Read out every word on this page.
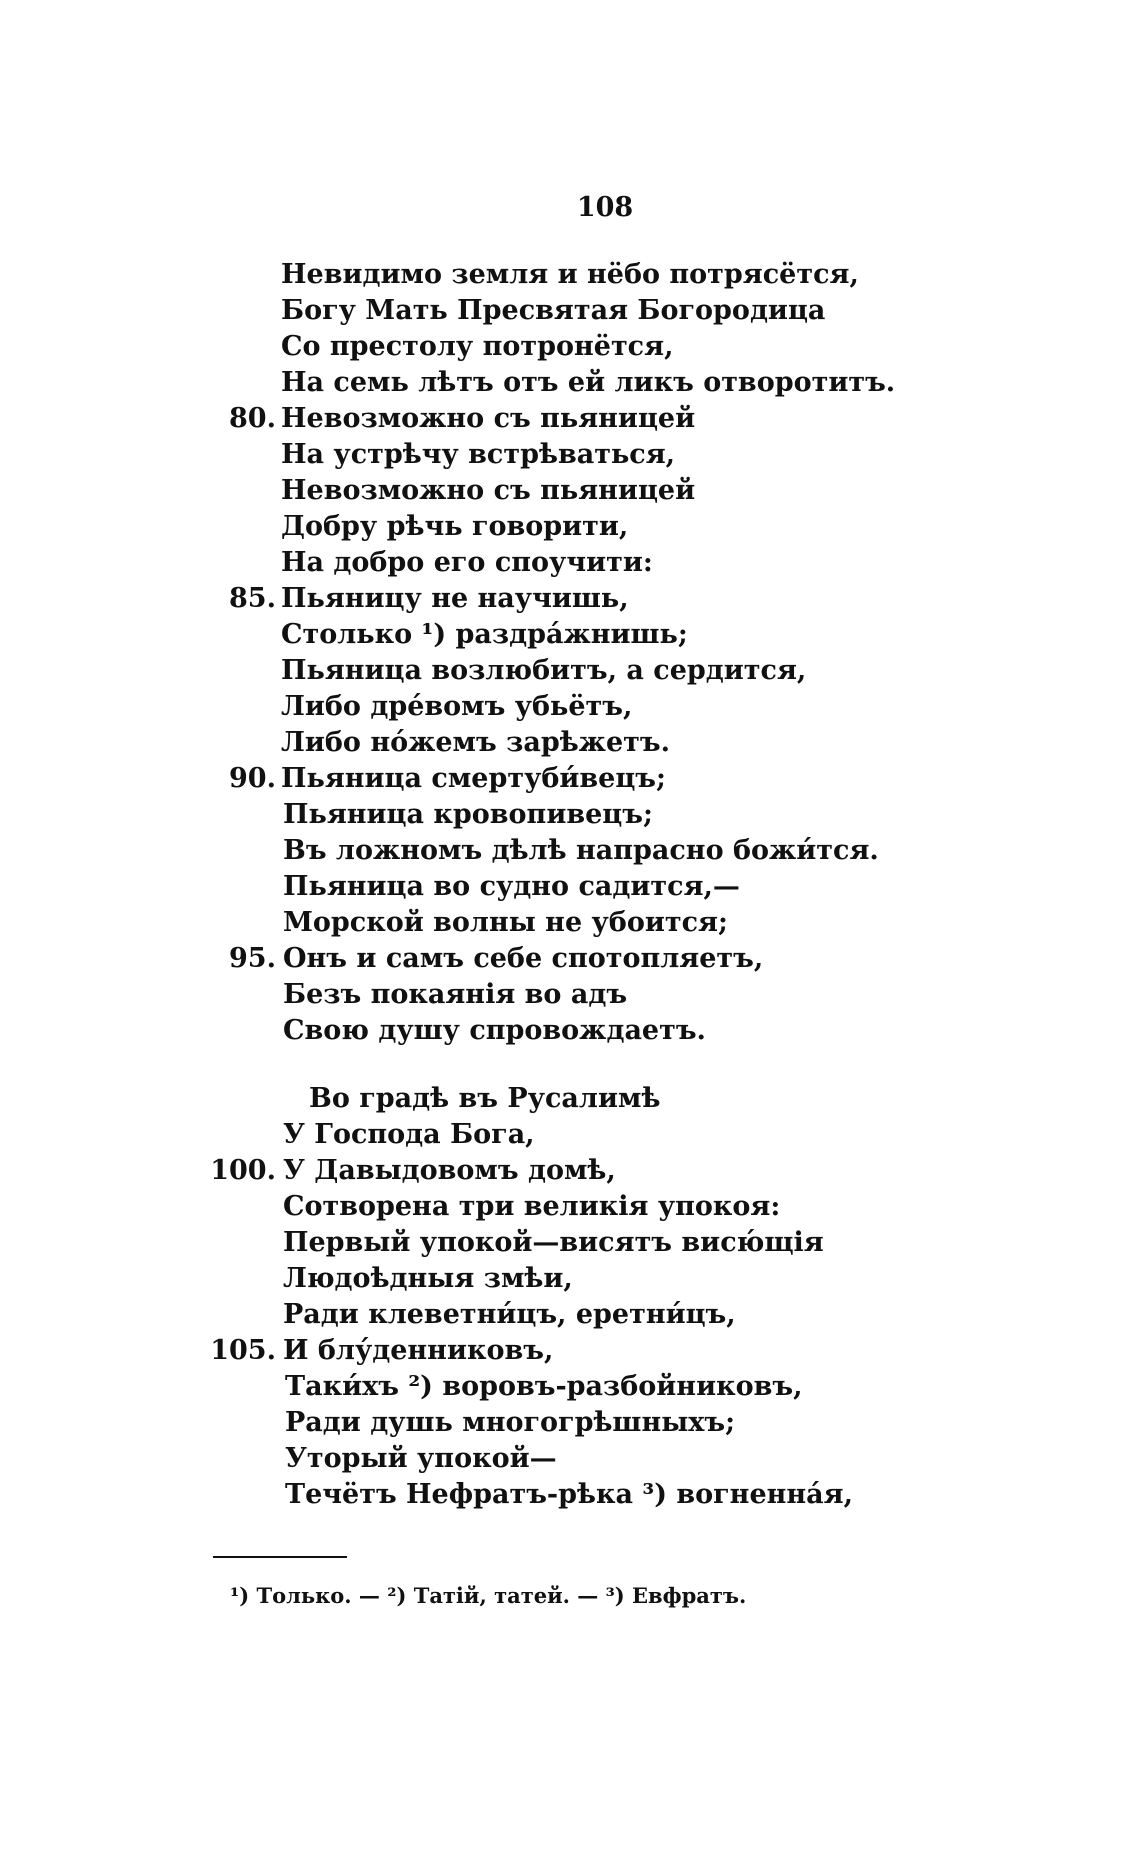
108
Невидимо земля и нёбо потрясётся,
Богу Мать Пресвятая Богородица
Со престолу потронётся,
На семь лѣтъ отъ ей ликъ отворотитъ.
80. Невозможно съ пьяницей
На устрѣчу встрѣваться,
Невозможно съ пьяницей
Добру рѣчь говорити,
На добро его споучити:
85. Пьяницу не научишь,
Столько ¹) раздра́жнишь;
Пьяница возлюбитъ, а сердится,
Либо дре́вомъ убьётъ,
Либо но́жемъ зарѣжетъ.
90. Пьяница смертуби́вецъ;
Пьяница кровопивецъ;
Въ ложномъ дѣлѣ напрасно божи́тся.
Пьяница во судно садится,—
Морской волны не убоится;
95. Онъ и самъ себе спотопляетъ,
Безъ покаянія во адъ
Свою душу спровождаетъ.
Во градѣ въ Русалимѣ
У Господа Бога,
100. У Давыдовомъ домѣ,
Сотворена три великія упокоя:
Первый упокой—висятъ висю́щія
Людоѣдныя змѣи,
Ради клеветни́цъ, еретни́цъ,
105. И блу́денниковъ,
Таки́хъ ²) воровъ-разбойниковъ,
Ради душь многогрѣшныхъ;
Уторый упокой—
Течётъ Нефратъ-рѣка ³) вогненна́я,
¹) Только. — ²) Татій, татей. — ³) Евфратъ.
